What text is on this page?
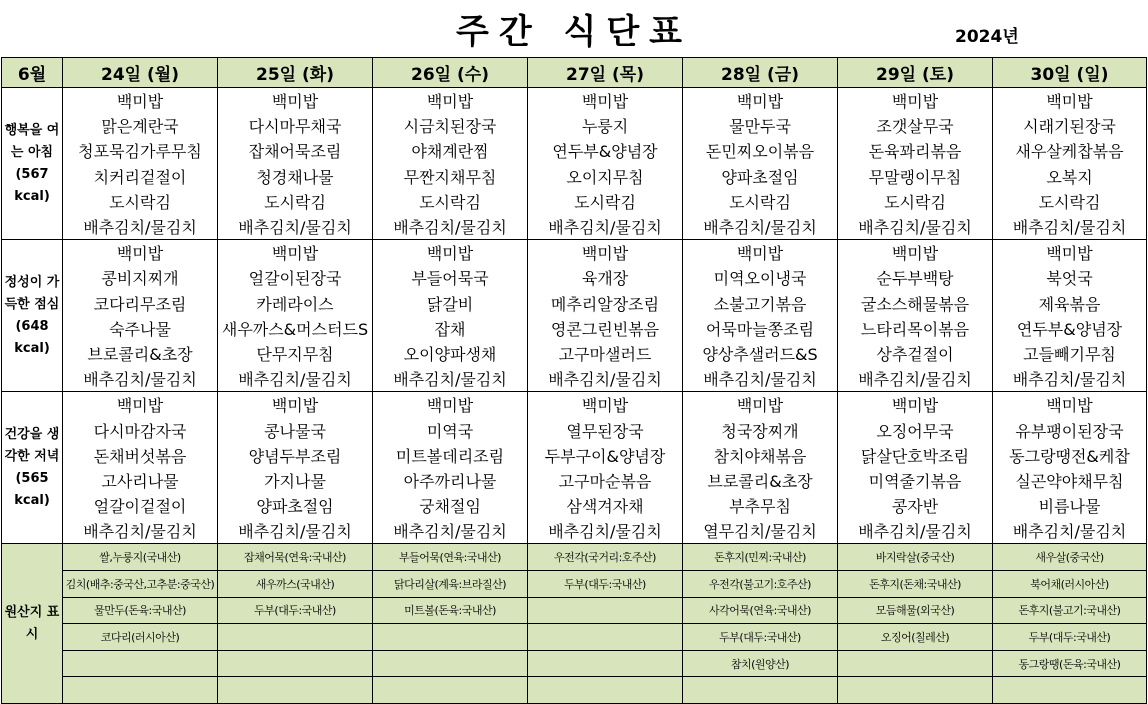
주간 식단표	2024년
6월	24일 (월)	25일 (화)	26일 (수)	27일 (목)	28일 (금)	29일 (토)	30일 (일)
행복을 여는 아침 (567 kcal)	백미밥	백미밥	백미밥	백미밥	백미밥	백미밥	백미밥
	맑은계란국	다시마무채국	시금치된장국	누룽지	물만두국	조갯살무국	시래기된장국
	청포묵김가루무침	잡채어묵조림	야채계란찜	연두부&양념장	돈민찌오이볶음	돈육꽈리볶음	새우살케찹볶음
	치커리겉절이	청경채나물	무짠지채무침	오이지무침	양파초절임	무말랭이무침	오복지
	도시락김	도시락김	도시락김	도시락김	도시락김	도시락김	도시락김
	배추김치/물김치	배추김치/물김치	배추김치/물김치	배추김치/물김치	배추김치/물김치	배추김치/물김치	배추김치/물김치
정성이 가득한 점심 (648 kcal)	백미밥	백미밥	백미밥	백미밥	백미밥	백미밥	백미밥
	콩비지찌개	얼갈이된장국	부들어묵국	육개장	미역오이냉국	순두부백탕	북엇국
	코다리무조림	카레라이스	닭갈비	메추리알장조림	소불고기볶음	굴소스해물볶음	제육볶음
	숙주나물	새우까스&머스터드S	잡채	영콘그린빈볶음	어묵마늘쫑조림	느타리목이볶음	연두부&양념장
	브로콜리&초장	단무지무침	오이양파생채	고구마샐러드	양상추샐러드&S	상추겉절이	고들빼기무침
	배추김치/물김치	배추김치/물김치	배추김치/물김치	배추김치/물김치	배추김치/물김치	배추김치/물김치	배추김치/물김치
건강을 생각한 저녁 (565 kcal)	백미밥	백미밥	백미밥	백미밥	백미밥	백미밥	백미밥
	다시마감자국	콩나물국	미역국	열무된장국	청국장찌개	오징어무국	유부팽이된장국
	돈채버섯볶음	양념두부조림	미트볼데리조림	두부구이&양념장	참치야채볶음	닭살단호박조림	동그랑땡전&케찹
	고사리나물	가지나물	아주까리나물	고구마순볶음	브로콜리&초장	미역줄기볶음	실곤약야채무침
	얼갈이겉절이	양파초절임	궁채절임	삼색겨자채	부추무침	콩자반	비름나물
	배추김치/물김치	배추김치/물김치	배추김치/물김치	배추김치/물김치	열무김치/물김치	배추김치/물김치	배추김치/물김치
원산지 표시	쌀,누룽지(국내산)	잡채어묵(연육:국내산)	부들어묵(연육:국내산)	우전각(국거리:호주산)	돈후지(민찌:국내산)	바지락살(중국산)	새우살(중국산)
	김치(배추:중국산,고추분:중국산)	새우까스(국내산)	닭다리살(계육:브라질산)	두부(대두:국내산)	우전각(불고기:호주산)	돈후지(돈채:국내산)	북어채(러시아산)
	물만두(돈육:국내산)	두부(대두:국내산)	미트볼(돈육:국내산)		사각어묵(연육:국내산)	모듬해물(외국산)	돈후지(불고기:국내산)
	코다리(러시아산)				두부(대두:국내산)	오징어(칠레산)	두부(대두:국내산)
					참치(원양산)		동그랑땡(돈육:국내산)
